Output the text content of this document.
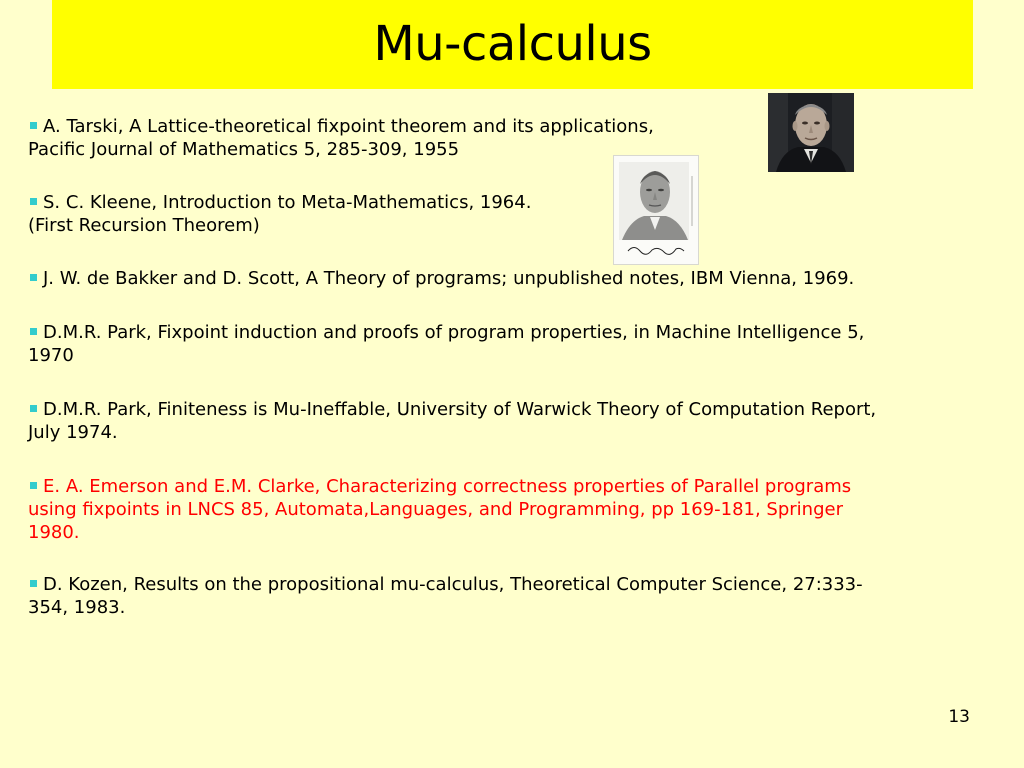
Mu-calculus
A. Tarski, A Lattice-theoretical fixpoint theorem and its applications,
Pacific Journal of Mathematics 5, 285-309, 1955
S. C. Kleene, Introduction to Meta-Mathematics, 1964.
(First Recursion Theorem)
J. W. de Bakker and D. Scott, A Theory of programs; unpublished notes, IBM Vienna, 1969.
D.M.R. Park, Fixpoint induction and proofs of program properties, in Machine Intelligence 5,
1970
D.M.R. Park, Finiteness is Mu-Ineffable, University of Warwick Theory of Computation Report,
July 1974.
E. A. Emerson and E.M. Clarke, Characterizing correctness properties of Parallel programs
using fixpoints in LNCS 85, Automata,Languages, and Programming, pp 169-181, Springer
1980.
D. Kozen, Results on the propositional mu-calculus, Theoretical Computer Science, 27:333-
354, 1983.
13
